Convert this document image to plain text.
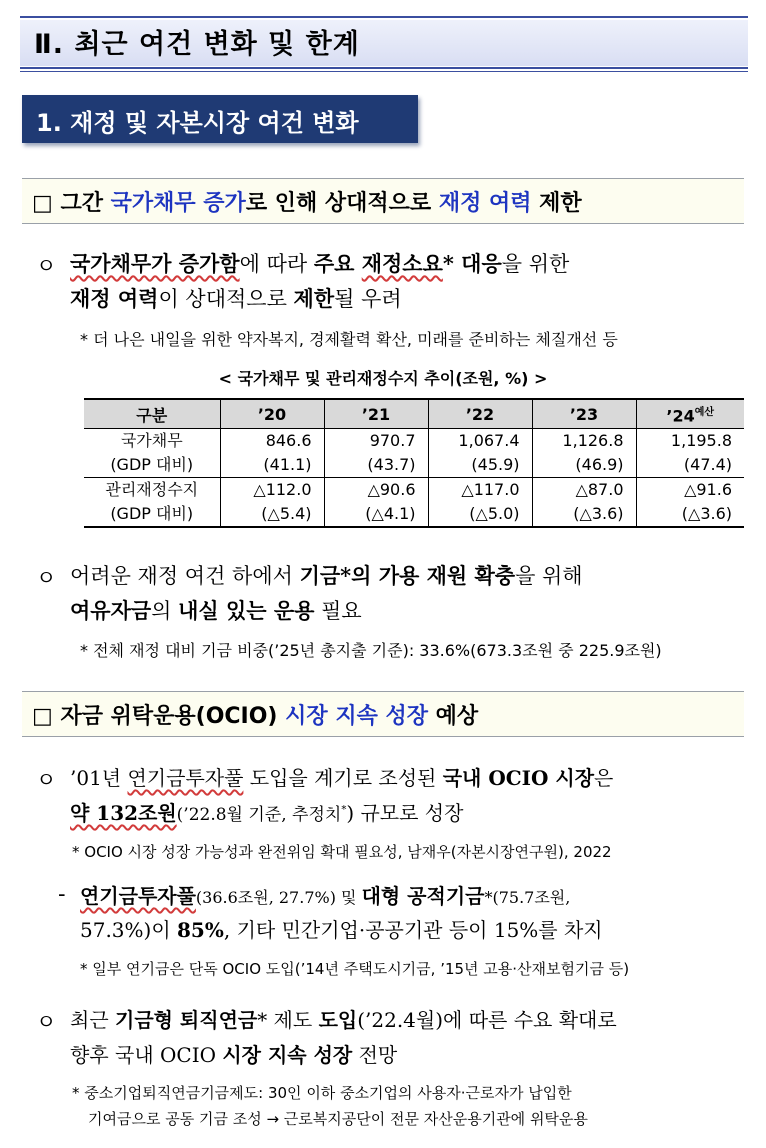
Ⅱ. 최근 여건 변화 및 한계
1. 재정 및 자본시장 여건 변화
□ 그간 국가채무 증가로 인해 상대적으로 재정 여력 제한
ㅇ 국가채무가 증가함에 따라 주요 재정소요* 대응을 위한
재정 여력이 상대적으로 제한될 우려
* 더 나은 내일을 위한 약자복지, 경제활력 확산, 미래를 준비하는 체질개선 등
< 국가채무 및 관리재정수지 추이(조원, %) >
구분	’20	’21	’22	’23	$’24^{예산}$
국가채무	846.6	970.7	1,067.4	1,126.8	1,195.8
(GDP 대비)	(41.1)	(43.7)	(45.9)	(46.9)	(47.4)
관리재정수지	△112.0	△90.6	△117.0	△87.0	△91.6
(GDP 대비)	(△5.4)	(△4.1)	(△5.0)	(△3.6)	(△3.6)
ㅇ 어려운 재정 여건 하에서 기금*의 가용 재원 확충을 위해
여유자금의 내실 있는 운용 필요
* 전체 재정 대비 기금 비중(’25년 총지출 기준): 33.6%(673.3조원 중 225.9조원)
□ 자금 위탁운용(OCIO) 시장 지속 성장 예상
ㅇ ’01년 연기금투자풀 도입을 계기로 조성된 국내 OCIO 시장은
약 132조원(’22.8월 기준, 추정치*) 규모로 성장
* OCIO 시장 성장 가능성과 완전위임 확대 필요성, 남재우(자본시장연구원), 2022
- 연기금투자풀(36.6조원, 27.7%) 및 대형 공적기금*(75.7조원,
57.3%)이 85%, 기타 민간기업·공공기관 등이 15%를 차지
* 일부 연기금은 단독 OCIO 도입(’14년 주택도시기금, ’15년 고용·산재보험기금 등)
ㅇ 최근 기금형 퇴직연금* 제도 도입(’22.4월)에 따른 수요 확대로
향후 국내 OCIO 시장 지속 성장 전망
* 중소기업퇴직연금기금제도: 30인 이하 중소기업의 사용자·근로자가 납입한
기여금으로 공동 기금 조성 → 근로복지공단이 전문 자산운용기관에 위탁운용
